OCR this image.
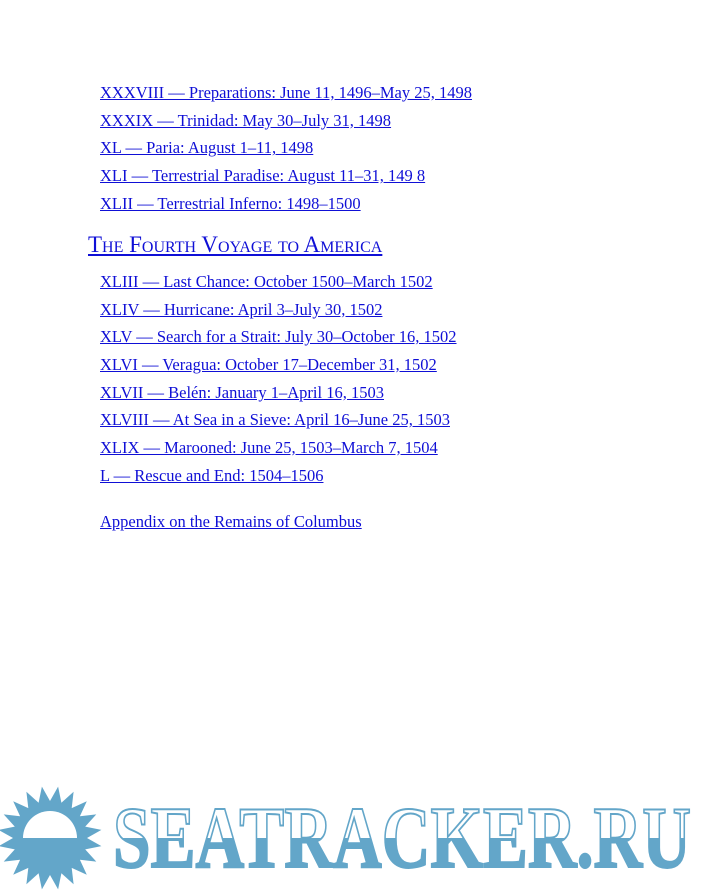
XXXVIII — Preparations: June 11, 1496–May 25, 1498

XXXIX — Trinidad: May 30–July 31, 1498

XL — Paria: August 1–11, 1498

XLI — Terrestrial Paradise: August 11–31, 149 8

XLII — Terrestrial Inferno: 1498–1500

The Fourth Voyage to America

XLIII — Last Chance: October 1500–March 1502

XLIV — Hurricane: April 3–July 30, 1502

XLV — Search for a Strait: July 30–October 16, 1502

XLVI — Veragua: October 17–December 31, 1502

XLVII — Belén: January 1–April 16, 1503

XLVIII — At Sea in a Sieve: April 16–June 25, 1503

XLIX — Marooned: June 25, 1503–March 7, 1504

L — Rescue and End: 1504–1506

Appendix on the Remains of Columbus

SEATRACKER.RU
